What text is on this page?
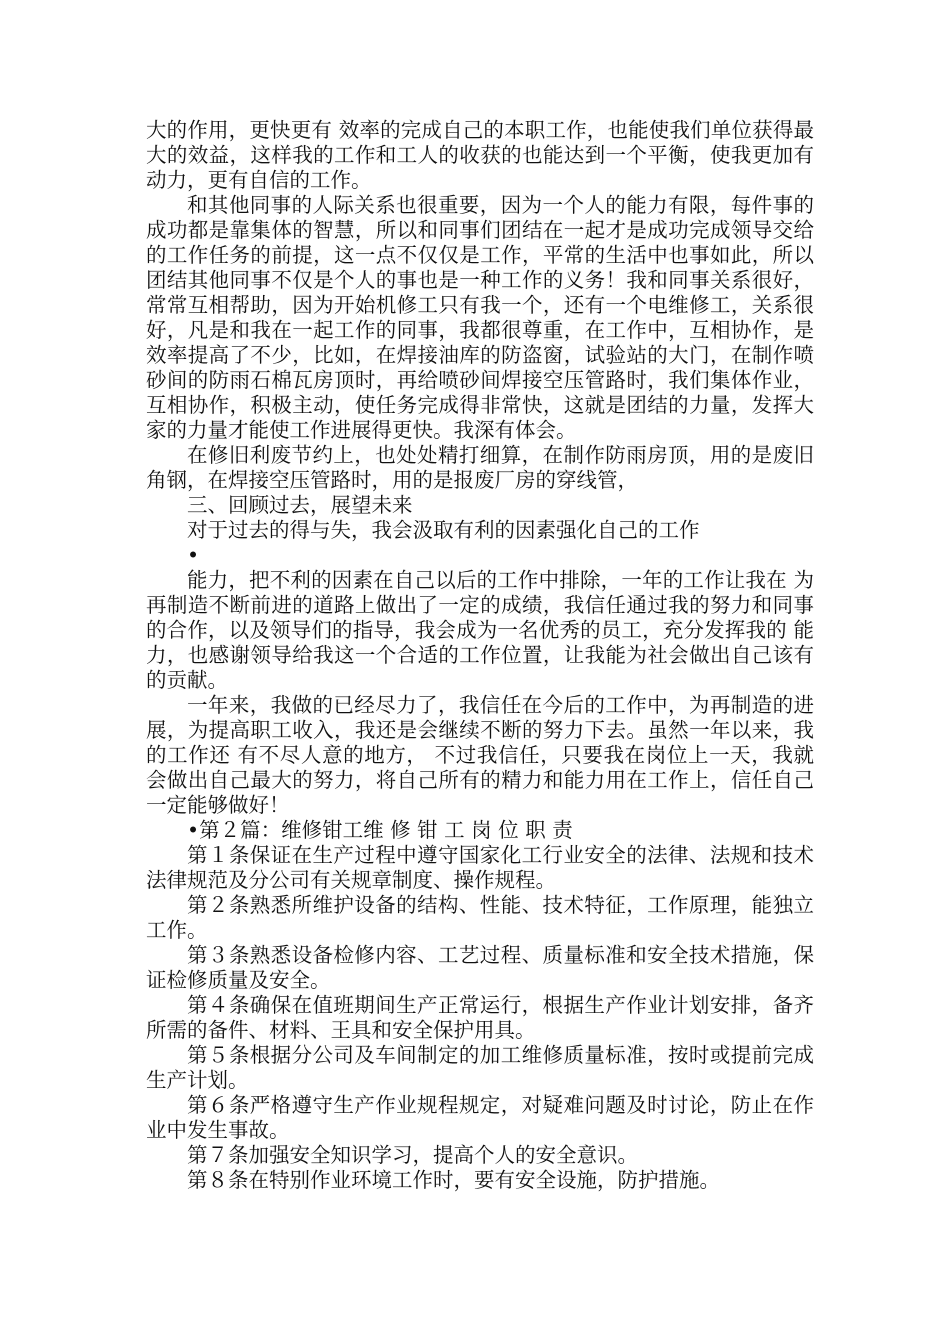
大的作用，更快更有 效率的完成自己的本职工作，也能使我们单位获得最大的效益，这样我的工作和工人的收获的也能达到一个平衡，使我更加有动力，更有自信的工作。

和其他同事的人际关系也很重要，因为一个人的能力有限，每件事的成功都是靠集体的智慧，所以和同事们团结在一起才是成功完成领导交给的工作任务的前提，这一点不仅仅是工作，平常的生活中也事如此，所以团结其他同事不仅是个人的事也是一种工作的义务！我和同事关系很好，常常互相帮助，因为开始机修工只有我一个，还有一个电维修工，关系很好，凡是和我在一起工作的同事，我都很尊重，在工作中，互相协作，是效率提高了不少，比如，在焊接油库的防盗窗，试验站的大门，在制作喷砂间的防雨石棉瓦房顶时，再给喷砂间焊接空压管路时，我们集体作业，互相协作，积极主动，使任务完成得非常快，这就是团结的力量，发挥大家的力量才能使工作进展得更快。我深有体会。

在修旧利废节约上，也处处精打细算，在制作防雨房顶，用的是废旧角钢，在焊接空压管路时，用的是报废厂房的穿线管，

三、回顾过去，展望未来

对于过去的得与失，我会汲取有利的因素强化自己的工作

•

能力，把不利的因素在自己以后的工作中排除，一年的工作让我在 为再制造不断前进的道路上做出了一定的成绩，我信任通过我的努力和同事的合作，以及领导们的指导，我会成为一名优秀的员工，充分发挥我的 能力，也感谢领导给我这一个合适的工作位置，让我能为社会做出自己该有的贡献。

一年来，我做的已经尽力了，我信任在今后的工作中，为再制造的进展，为提高职工收入，我还是会继续不断的努力下去。虽然一年以来，我的工作还 有不尽人意的地方， 不过我信任，只要我在岗位上一天，我就会做出自己最大的努力，将自己所有的精力和能力用在工作上，信任自己一定能够做好！

•第２篇：维修钳工维 修 钳 工 岗 位 职 责

第１条保证在生产过程中遵守国家化工行业安全的法律、法规和技术法律规范及分公司有关规章制度、操作规程。

第２条熟悉所维护设备的结构、性能、技术特征，工作原理，能独立工作。

第３条熟悉设备检修内容、工艺过程、质量标准和安全技术措施，保证检修质量及安全。

第４条确保在值班期间生产正常运行，根据生产作业计划安排，备齐所需的备件、材料、王具和安全保护用具。

第５条根据分公司及车间制定的加工维修质量标准，按时或提前完成生产计划。

第６条严格遵守生产作业规程规定，对疑难问题及时讨论，防止在作业中发生事故。

第７条加强安全知识学习，提高个人的安全意识。

第８条在特别作业环境工作时，要有安全设施，防护措施。
